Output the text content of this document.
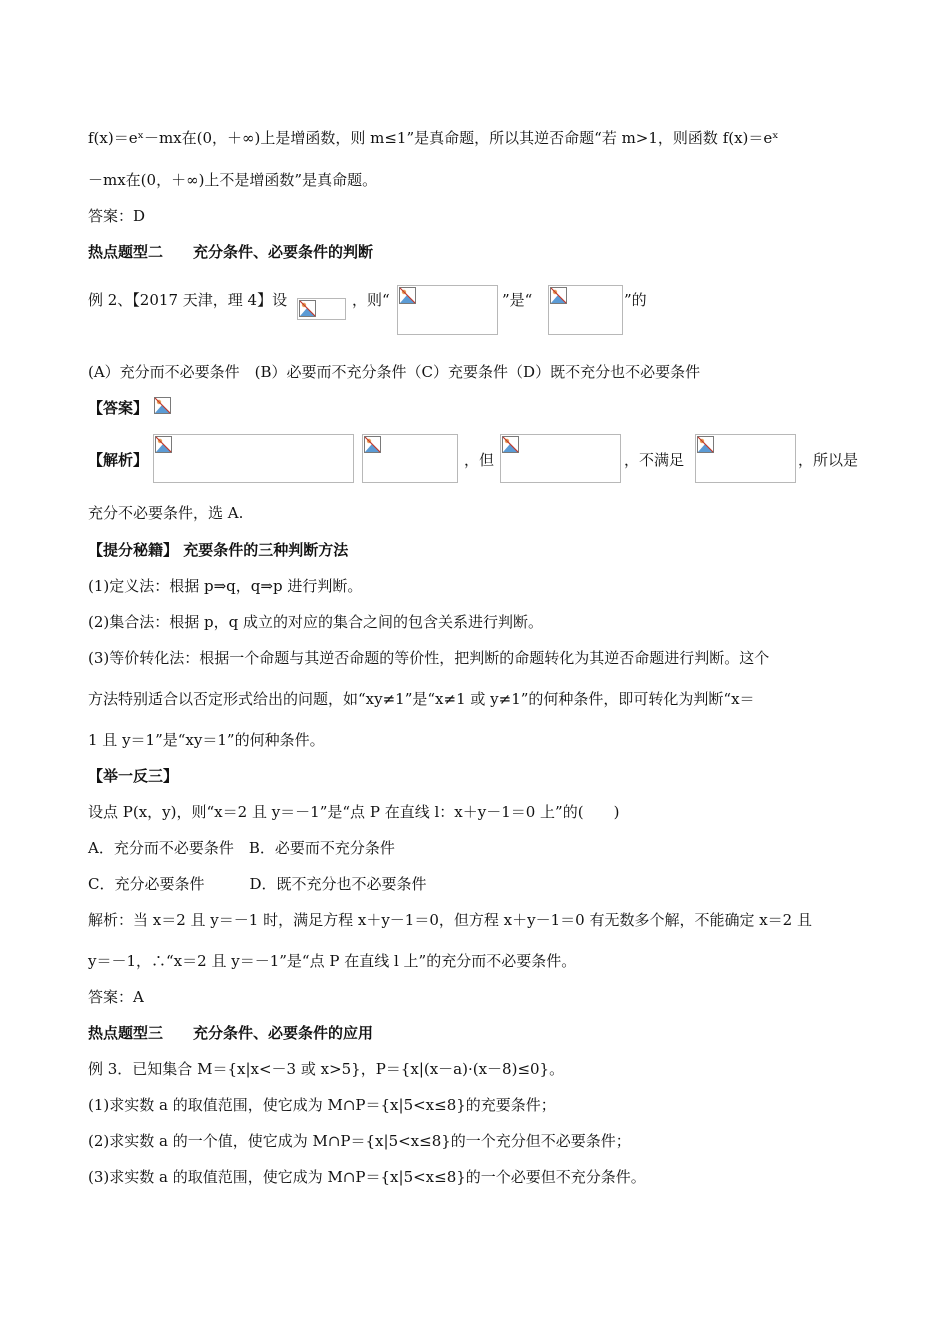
f(x)＝eˣ－mx在(0，＋∞)上是增函数，则 m≤1”是真命题，所以其逆否命题“若 m>1，则函数 f(x)＝eˣ
－mx在(0，＋∞)上不是增函数”是真命题。
答案：D
热点题型二　　充分条件、必要条件的判断
例 2、【2017 天津，理 4】设	，则“	”是“	”的
(A）充分而不必要条件　(B）必要而不充分条件（C）充要条件（D）既不充分也不必要条件
【答案】
【解析】	，但	，不满足	，所以是
充分不必要条件，选 A.
【提分秘籍】 充要条件的三种判断方法
(1)定义法：根据 p⇒q，q⇒p 进行判断。
(2)集合法：根据 p，q 成立的对应的集合之间的包含关系进行判断。
(3)等价转化法：根据一个命题与其逆否命题的等价性，把判断的命题转化为其逆否命题进行判断。这个
方法特别适合以否定形式给出的问题，如“xy≠1”是“x≠1 或 y≠1”的何种条件，即可转化为判断“x＝
1 且 y＝1”是“xy＝1”的何种条件。
【举一反三】
设点 P(x，y)，则“x＝2 且 y＝－1”是“点 P 在直线 l：x＋y－1＝0 上”的(　　)
A．充分而不必要条件　B．必要而不充分条件
C．充分必要条件　　　D．既不充分也不必要条件
解析：当 x＝2 且 y＝－1 时，满足方程 x＋y－1＝0，但方程 x＋y－1＝0 有无数多个解，不能确定 x＝2 且
y＝－1，∴“x＝2 且 y＝－1”是“点 P 在直线 l 上”的充分而不必要条件。
答案：A
热点题型三　　充分条件、必要条件的应用
例 3．已知集合 M＝{x|x<－3 或 x>5}，P＝{x|(x－a)·(x－8)≤0}。
(1)求实数 a 的取值范围，使它成为 M∩P＝{x|5<x≤8}的充要条件；
(2)求实数 a 的一个值，使它成为 M∩P＝{x|5<x≤8}的一个充分但不必要条件；
(3)求实数 a 的取值范围，使它成为 M∩P＝{x|5<x≤8}的一个必要但不充分条件。
